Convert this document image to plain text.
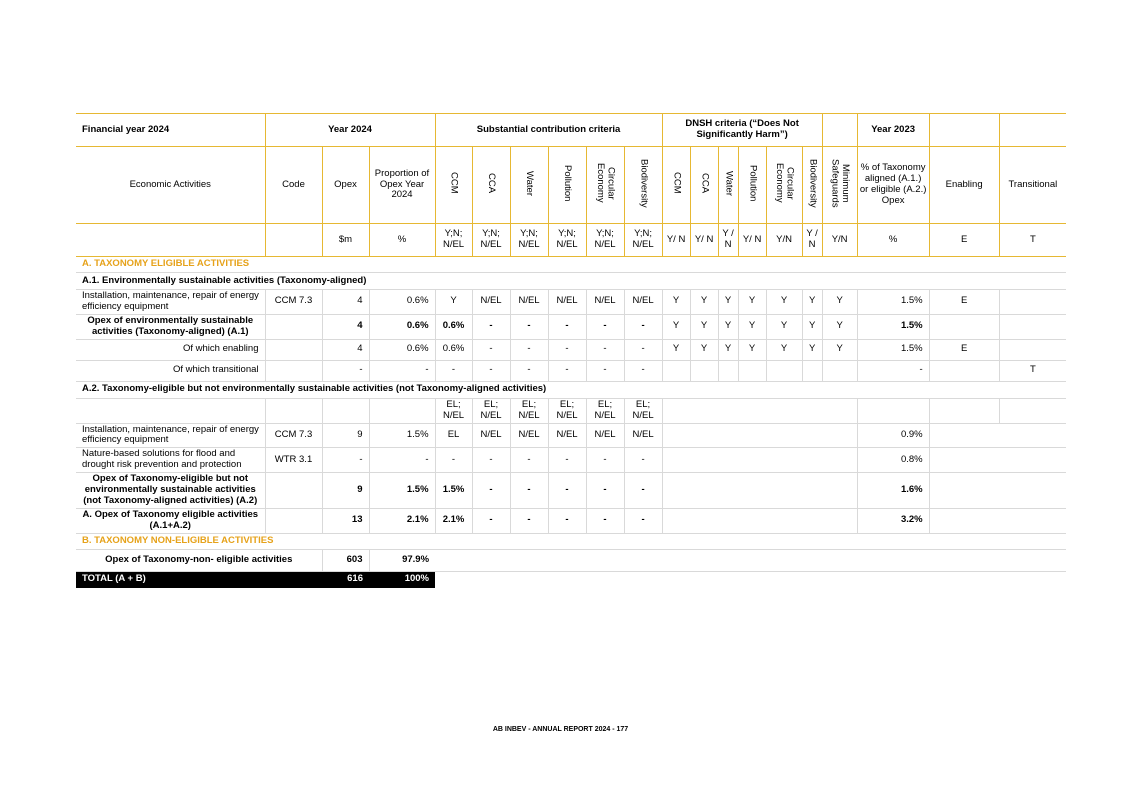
Financial year 2024	Year 2024			Substantial contribution criteria						DNSH criteria (“Does Not Significantly Harm”)							Year 2023		
Economic Activities	Code	Opex	Proportion of Opex Year 2024	CCM	CCA	Water	Pollution	Circular Economy	Biodiversity	CCM	CCA	Water	Pollution	Circular Economy	Biodiversity	Minimum Safeguards	% of Taxonomy aligned (A.1.) or eligible (A.2.) Opex	Enabling	Transitional
		$m	%	Y;N; N/EL	Y;N; N/EL	Y;N; N/EL	Y;N; N/EL	Y;N; N/EL	Y;N; N/EL	Y/ N	Y/ N	Y / N	Y/ N	Y/N	Y / N	Y/N	%	E	T
A. TAXONOMY ELIGIBLE ACTIVITIES																			
A.1. Environmentally sustainable activities (Taxonomy-aligned)																			
Installation, maintenance, repair of energy efficiency equipment	CCM 7.3	4	0.6%	Y	N/EL	N/EL	N/EL	N/EL	N/EL	Y	Y	Y	Y	Y	Y	Y	1.5%	E	
Opex of environmentally sustainable activities (Taxonomy-aligned) (A.1)		4	0.6%	0.6%	-	-	-	-	-	Y	Y	Y	Y	Y	Y	Y	1.5%		
Of which enabling		4	0.6%	0.6%	-	-	-	-	-	Y	Y	Y	Y	Y	Y	Y	1.5%	E	
Of which transitional		-	-	-	-	-	-	-	-								-		T
A.2. Taxonomy-eligible but not environmentally sustainable activities (not Taxonomy-aligned activities)																			
				EL; N/EL	EL; N/EL	EL; N/EL	EL; N/EL	EL; N/EL	EL; N/EL										
Installation, maintenance, repair of energy efficiency equipment	CCM 7.3	9	1.5%	EL	N/EL	N/EL	N/EL	N/EL	N/EL								0.9%		
Nature-based solutions for flood and drought risk prevention and protection	WTR 3.1	-	-	-	-	-	-	-	-								0.8%		
Opex of Taxonomy-eligible but not environmentally sustainable activities (not Taxonomy-aligned activities) (A.2)		9	1.5%	1.5%	-	-	-	-	-								1.6%		
A. Opex of Taxonomy eligible activities (A.1+A.2)		13	2.1%	2.1%	-	-	-	-	-								3.2%		
B. TAXONOMY NON-ELIGIBLE ACTIVITIES																			
Opex of Taxonomy-non- eligible activities		603	97.9%																
TOTAL (A + B)		616	100%																
AB INBEV - ANNUAL REPORT 2024 - 177
